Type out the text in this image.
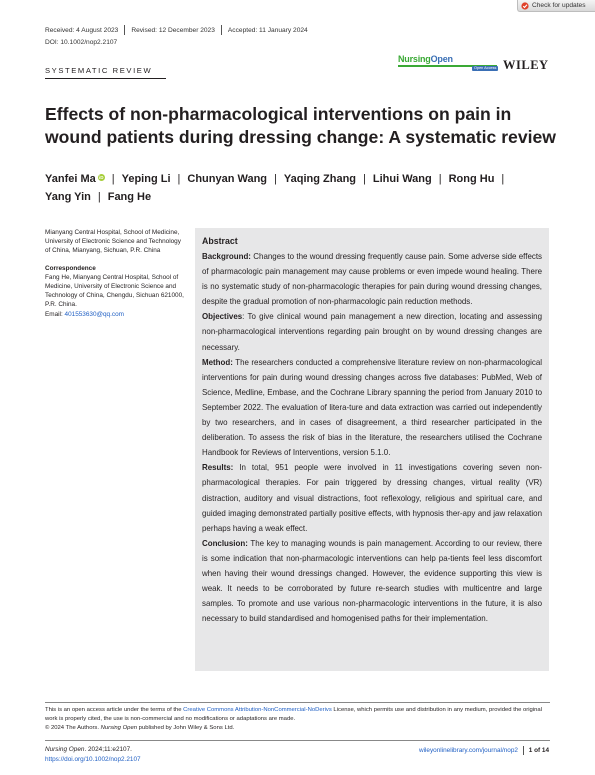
Check for updates
Received: 4 August 2023 Revised: 12 December 2023 Accepted: 11 January 2024
DOI: 10.1002/nop2.2107
SYSTEMATIC REVIEW
NursingOpen
Open Access WILEY
Effects of non-pharmacological interventions on pain in wound patients during dressing change: A systematic review
Yanfei Ma iD | Yeping Li | Chunyan Wang | Yaqing Zhang | Lihui Wang | Rong Hu |
Yang Yin | Fang He
Mianyang Central Hospital, School of Medicine, University of Electronic Science and Technology of China, Mianyang, Sichuan, P.R. China
Correspondence
Fang He, Mianyang Central Hospital, School of Medicine, University of Electronic Science and Technology of China, Chengdu, Sichuan 621000, P.R. China.
Email: 401553630@qq.com
Abstract

Background: Changes to the wound dressing frequently cause pain. Some adverse side effects of pharmacologic pain management may cause problems or even impede wound healing. There is no systematic study of non-pharmacologic therapies for pain during wound dressing changes, despite the gradual promotion of non-pharmacologic pain reduction methods.

Objectives: To give clinical wound pain management a new direction, locating and assessing non-pharmacological interventions regarding pain brought on by wound dressing changes are necessary.

Method: The researchers conducted a comprehensive literature review on non-pharmacological interventions for pain during wound dressing changes across five databases: PubMed, Web of Science, Medline, Embase, and the Cochrane Library spanning the period from January 2010 to September 2022. The evaluation of litera-ture and data extraction was carried out independently by two researchers, and in cases of disagreement, a third researcher participated in the deliberation. To assess the risk of bias in the literature, the researchers utilised the Cochrane Handbook for Reviews of Interventions, version 5.1.0.

Results: In total, 951 people were involved in 11 investigations covering seven non-pharmacological therapies. For pain triggered by dressing changes, virtual reality (VR) distraction, auditory and visual distractions, foot reflexology, religious and spiritual care, and guided imaging demonstrated partially positive effects, with hypnosis ther-apy and jaw relaxation perhaps having a weak effect.

Conclusion: The key to managing wounds is pain management. According to our review, there is some indication that non-pharmacologic interventions can help pa-tients feel less discomfort when having their wound dressings changed. However, the evidence supporting this view is weak. It needs to be corroborated by future re-search studies with multicentre and large samples. To promote and use various non-pharmacologic interventions in the future, it is also necessary to build standardised and homogenised paths for their implementation.

This is an open access article under the terms of the Creative Commons Attribution-NonCommercial-NoDerivs License, which permits use and distribution in any medium, provided the original work is properly cited, the use is non-commercial and no modifications or adaptations are made.
© 2024 The Authors. Nursing Open published by John Wiley & Sons Ltd.
Nursing Open. 2024;11:e2107.
https://doi.org/10.1002/nop2.2107
wileyonlinelibrary.com/journal/nop2 1 of 14
